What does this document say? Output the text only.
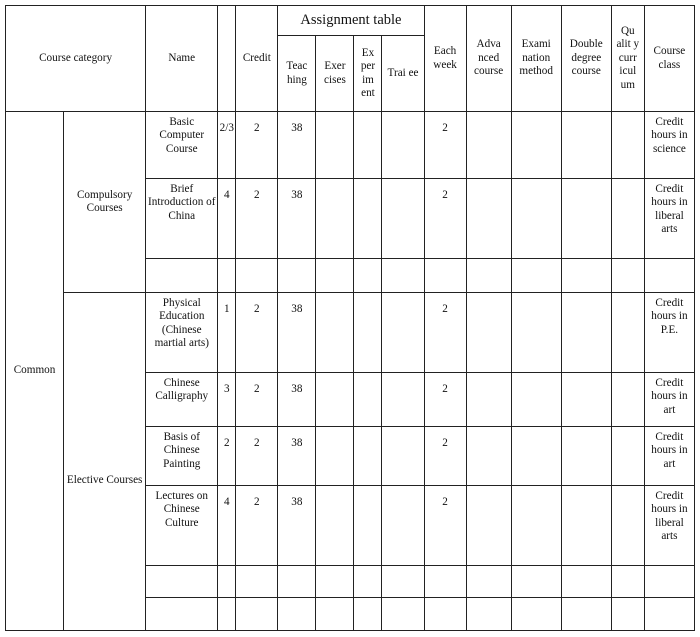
Course category		Name		Credit	Assignment table				Each week	Adva nced course	Exami nation method	Double degree course	Qu alit y curr icul um	Course class
					Teac hing	Exer cises	Ex per im ent	Trai ee						
Common	Compulsory Courses	Basic Computer Course	2/3	2	38				2					Credit hours in science
		Brief Introduction of China	4	2	38				2					Credit hours in liberal arts

	Elective Courses	Physical Education (Chinese martial arts)	1	2	38				2					Credit hours in P.E.
		Chinese Calligraphy	3	2	38				2					Credit hours in art
		Basis of Chinese Painting	2	2	38				2					Credit hours in art
		Lectures on Chinese Culture	4	2	38				2					Credit hours in liberal arts
